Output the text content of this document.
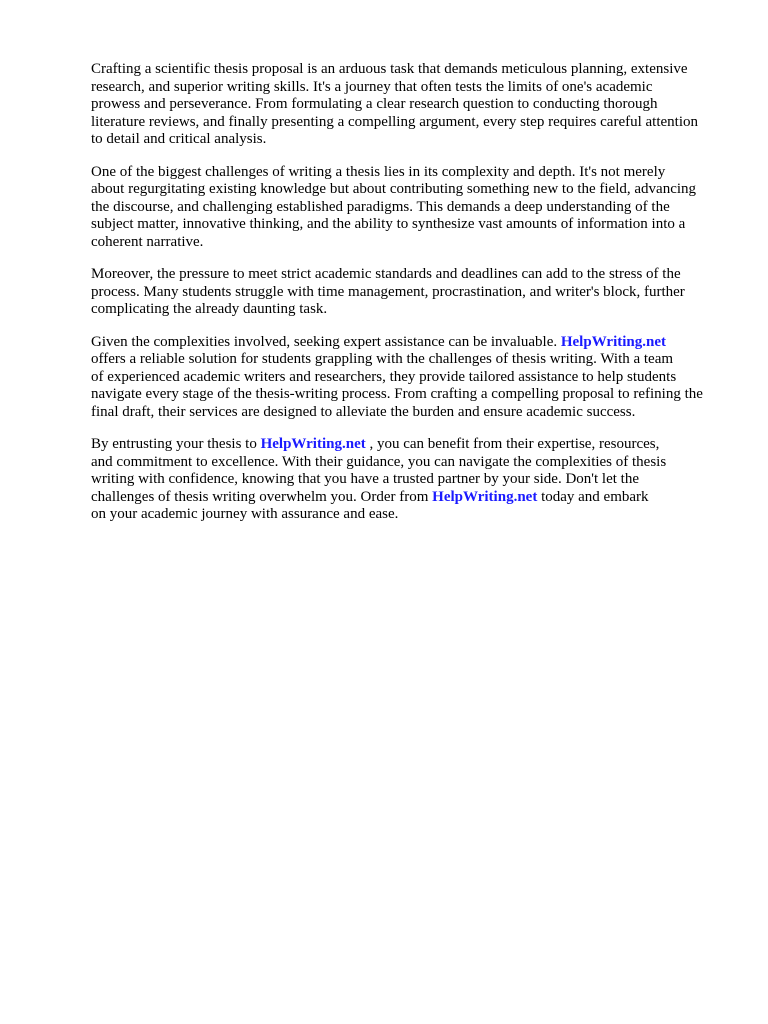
Crafting a scientific thesis proposal is an arduous task that demands meticulous planning, extensive
research, and superior writing skills. It's a journey that often tests the limits of one's academic
prowess and perseverance. From formulating a clear research question to conducting thorough
literature reviews, and finally presenting a compelling argument, every step requires careful attention
to detail and critical analysis.

One of the biggest challenges of writing a thesis lies in its complexity and depth. It's not merely
about regurgitating existing knowledge but about contributing something new to the field, advancing
the discourse, and challenging established paradigms. This demands a deep understanding of the
subject matter, innovative thinking, and the ability to synthesize vast amounts of information into a
coherent narrative.

Moreover, the pressure to meet strict academic standards and deadlines can add to the stress of the
process. Many students struggle with time management, procrastination, and writer's block, further
complicating the already daunting task.

Given the complexities involved, seeking expert assistance can be invaluable. HelpWriting.net
offers a reliable solution for students grappling with the challenges of thesis writing. With a team
of experienced academic writers and researchers, they provide tailored assistance to help students
navigate every stage of the thesis-writing process. From crafting a compelling proposal to refining the
final draft, their services are designed to alleviate the burden and ensure academic success.

By entrusting your thesis to HelpWriting.net , you can benefit from their expertise, resources,
and commitment to excellence. With their guidance, you can navigate the complexities of thesis
writing with confidence, knowing that you have a trusted partner by your side. Don't let the
challenges of thesis writing overwhelm you. Order from HelpWriting.net today and embark
on your academic journey with assurance and ease.
